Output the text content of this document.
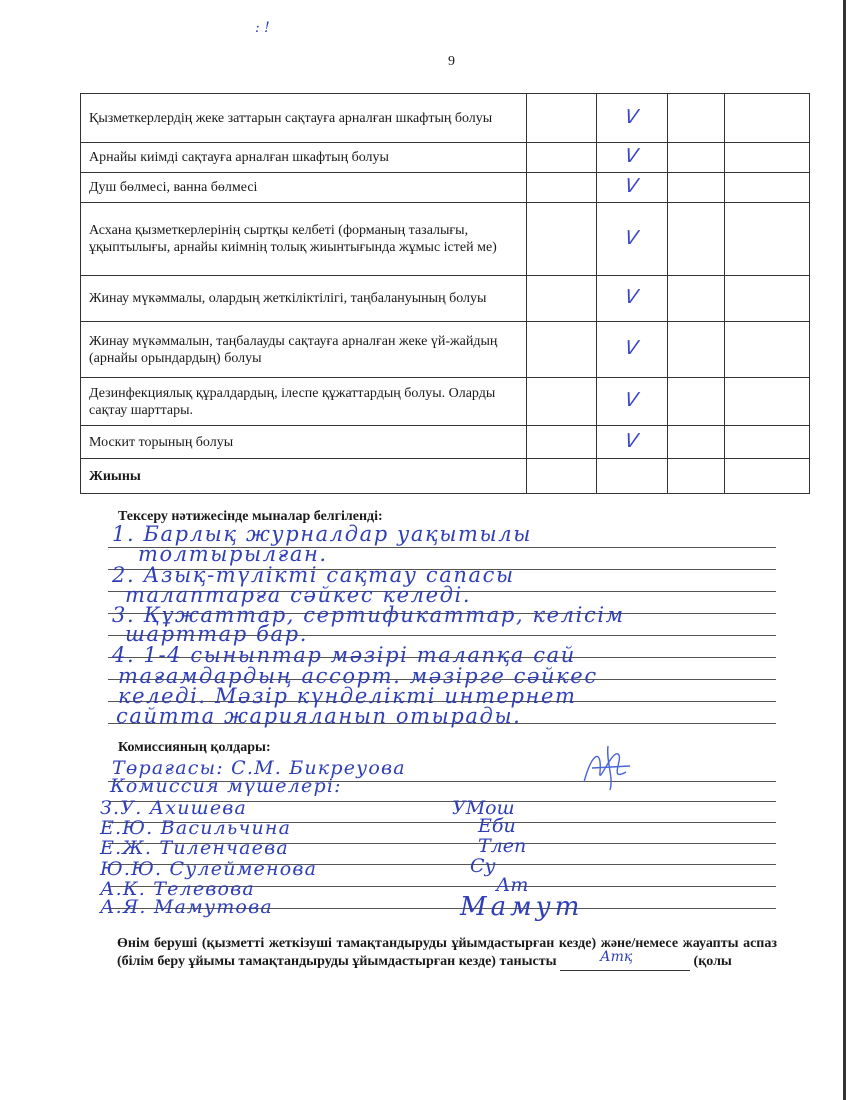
: !
9
Қызметкерлердің жеке заттарын сақтауға арналған шкафтың болуы		V		
Арнайы киімді сақтауға арналған шкафтың болуы		V		
Душ бөлмесі, ванна бөлмесі		V		
Асхана қызметкерлерінің сыртқы келбеті (форманың тазалығы, ұқыптылығы, арнайы киімнің толық жиынтығында жұмыс істей ме)		V		
Жинау мүкәммалы, олардың жеткіліктілігі, таңбалануының болуы		V		
Жинау мүкәммалын, таңбалауды сақтауға арналған жеке үй-жайдың (арнайы орындардың) болуы		V		
Дезинфекциялық құралдардың, ілеспе құжаттардың болуы. Оларды сақтау шарттары.		V		
Москит торының болуы		V		
Жиыны				
Тексеру нәтижесінде мыналар белгіленді:
1. Барлық журналдар уақытылы
толтырылған.
2. Азық-түлікті сақтау сапасы
талаптарға сәйкес келеді.
3. Құжаттар, сертификаттар, келісім
шарттар бар.
4. 1-4 сыныптар мәзірі талапқа сай
тағамдардың ассорт. мәзірге сәйкес
келеді. Мәзір күнделікті интернет
сайтта жарияланып отырады.
Комиссияның қолдары:
Төрағасы: С.М. Бикреуова
Комиссия мүшелері:
З.У. Ахишева	УМош
Е.Ю. Васильчина	Еби
Е.Ж. Тиленчаева	Тлеп
Ю.Ю. Сулейменова	Су
А.К. Телевова	Ат
А.Я. Мамутова	Мамут
Өнім беруші (қызметті жеткізуші тамақтандыруды ұйымдастырған кезде) және/немесе жауапты аспаз (білім беру ұйымы тамақтандыруды ұйымдастырған кезде) танысты	Атқ	(қолы
